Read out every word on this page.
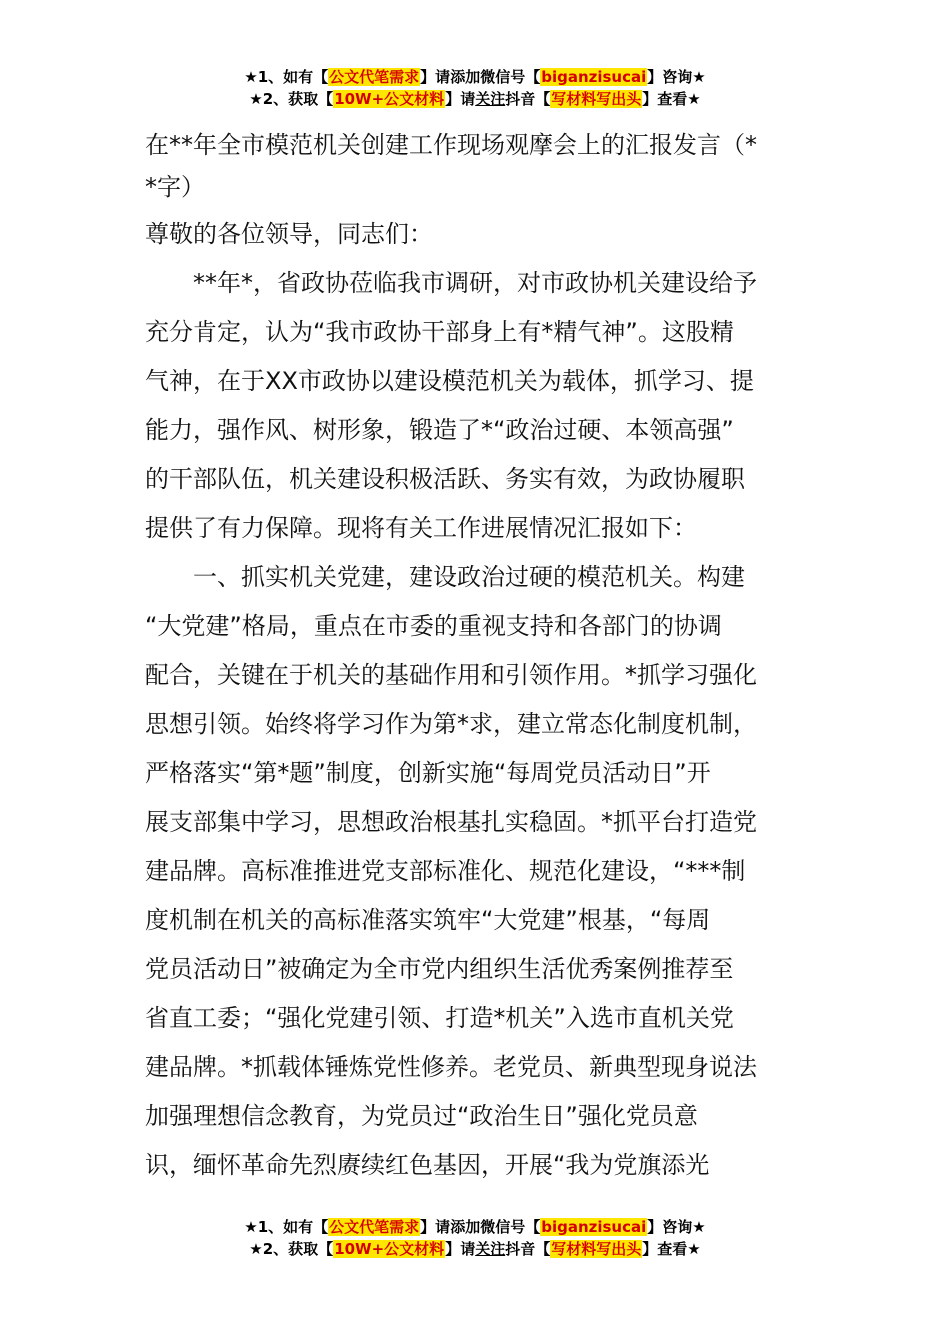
★1、如有【公文代笔需求】请添加微信号【biganzisucai】咨询★
★2、获取【10W+公文材料】请关注抖音【写材料写出头】查看★
在**年全市模范机关创建工作现场观摩会上的汇报发言（*
*字）
尊敬的各位领导，同志们：
**年*，省政协莅临我市调研，对市政协机关建设给予
充分肯定，认为“我市政协干部身上有*精气神”。这股精
气神，在于XX市政协以建设模范机关为载体，抓学习、提
能力，强作风、树形象，锻造了*“政治过硬、本领高强”
的干部队伍，机关建设积极活跃、务实有效，为政协履职
提供了有力保障。现将有关工作进展情况汇报如下：
一、抓实机关党建，建设政治过硬的模范机关。构建
“大党建”格局，重点在市委的重视支持和各部门的协调
配合，关键在于机关的基础作用和引领作用。*抓学习强化
思想引领。始终将学习作为第*求，建立常态化制度机制，
严格落实“第*题”制度，创新实施“每周党员活动日”开
展支部集中学习，思想政治根基扎实稳固。*抓平台打造党
建品牌。高标准推进党支部标准化、规范化建设，“***制
度机制在机关的高标准落实筑牢“大党建”根基，“每周
党员活动日”被确定为全市党内组织生活优秀案例推荐至
省直工委；“强化党建引领、打造*机关”入选市直机关党
建品牌。*抓载体锤炼党性修养。老党员、新典型现身说法
加强理想信念教育，为党员过“政治生日”强化党员意
识，缅怀革命先烈赓续红色基因，开展“我为党旗添光
★1、如有【公文代笔需求】请添加微信号【biganzisucai】咨询★
★2、获取【10W+公文材料】请关注抖音【写材料写出头】查看★
